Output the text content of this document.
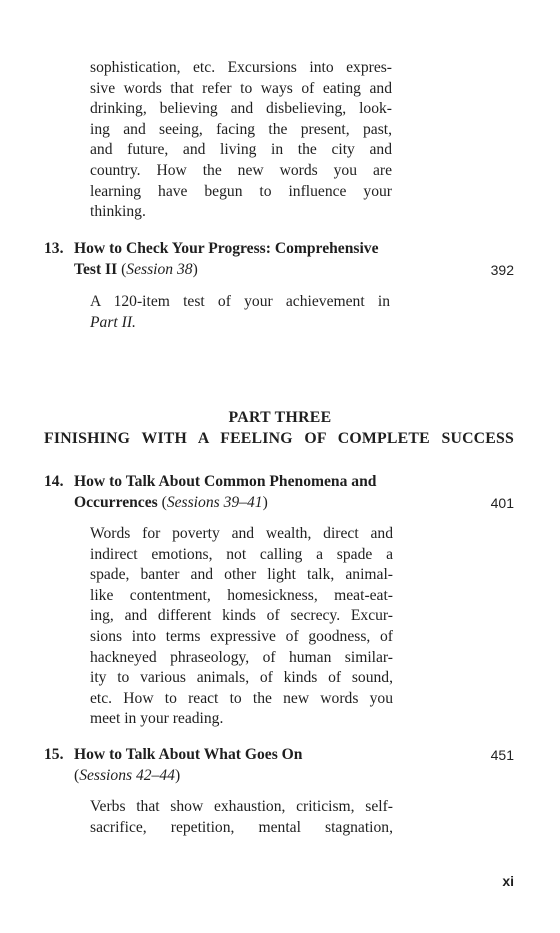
sophistication, etc. Excursions into expres-
sive words that refer to ways of eating and
drinking, believing and disbelieving, look-
ing and seeing, facing the present, past,
and future, and living in the city and
country. How the new words you are
learning have begun to influence your
thinking.
13. How to Check Your Progress: Comprehensive
Test II (Session 38)	392
A 120-item test of your achievement in
Part II.
PART THREE
FINISHING WITH A FEELING OF COMPLETE SUCCESS
14. How to Talk About Common Phenomena and
Occurrences (Sessions 39–41)	401
Words for poverty and wealth, direct and
indirect emotions, not calling a spade a
spade, banter and other light talk, animal-
like contentment, homesickness, meat-eat-
ing, and different kinds of secrecy. Excur-
sions into terms expressive of goodness, of
hackneyed phraseology, of human similar-
ity to various animals, of kinds of sound,
etc. How to react to the new words you
meet in your reading.
15. How to Talk About What Goes On
(Sessions 42–44)
451
Verbs that show exhaustion, criticism, self-
sacrifice, repetition, mental stagnation,
xi
